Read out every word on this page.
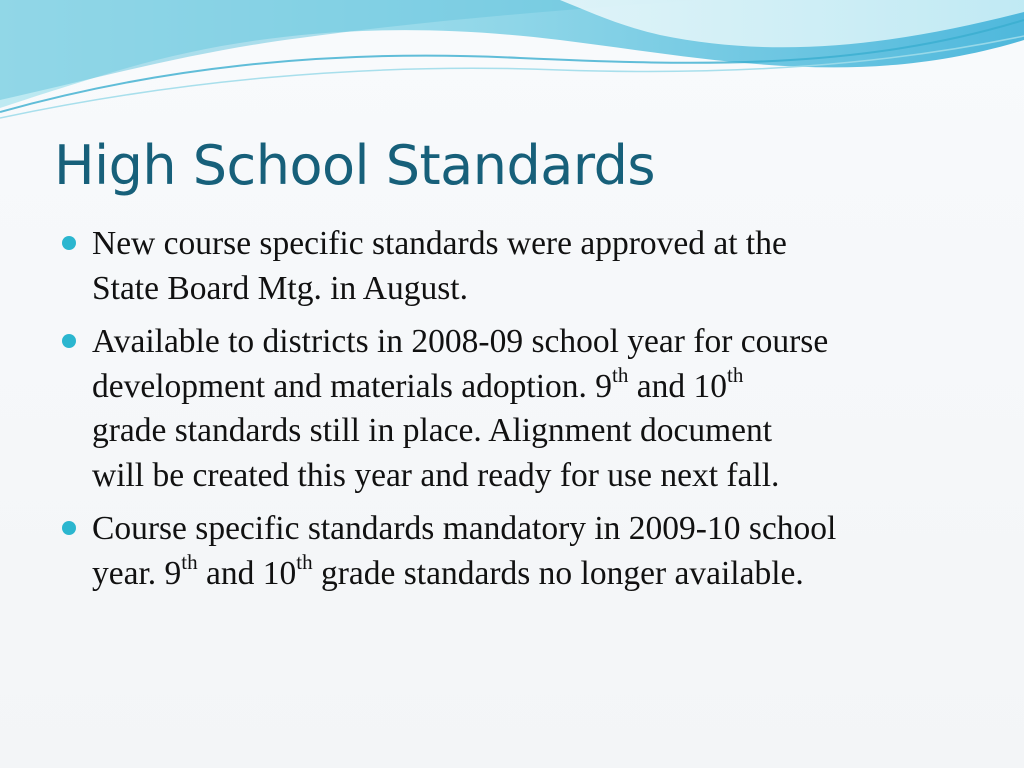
High School Standards
New course specific standards were approved at the
State Board Mtg. in August.
Available to districts in 2008-09 school year for course
development and materials adoption. 9th and 10th
grade standards still in place. Alignment document
will be created this year and ready for use next fall.
Course specific standards mandatory in 2009-10 school
year. 9th and 10th grade standards no longer available.
